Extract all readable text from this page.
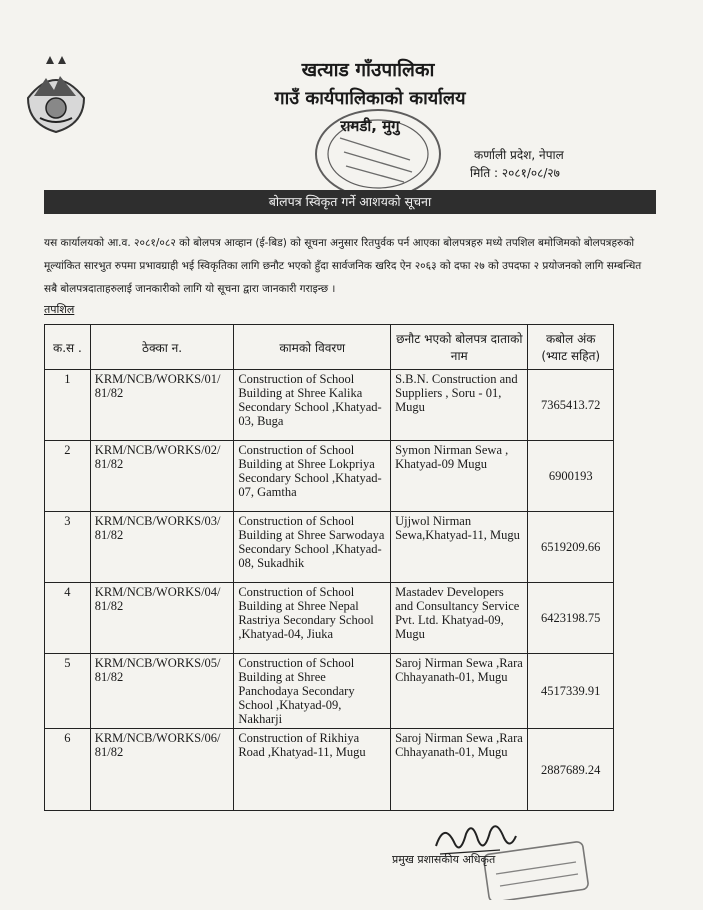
खत्याड गाँउपालिका
गाउँ कार्यपालिकाको कार्यालय
रामडी, मुगु
कर्णाली प्रदेश, नेपाल
मिति : २०८१/०८/२७
बोलपत्र स्विकृत गर्ने आशयको सूचना
यस कार्यालयको आ.व. २०८१/०८२ को बोलपत्र आव्हान (ई-बिड) को सूचना अनुसार रितपुर्वक पर्न आएका बोलपत्रहरु मध्ये तपशिल बमोजिमको बोलपत्रहरुको मूल्यांकित सारभुत रुपमा प्रभावग्राही भई स्विकृतिका लागि छनौट भएको हुँदा सार्वजनिक खरिद ऐन २०६३ को दफा २७ को उपदफा २ प्रयोजनको लागि सम्बन्धित सबै बोलपत्रदाताहरुलाई जानकारीको लागि यो सूचना द्वारा जानकारी गराइन्छ ।
तपशिल
क.स .	ठेक्का न.	कामको विवरण	छनौट भएको बोलपत्र दाताको नाम	कबोल अंक (भ्याट सहित)
1	KRM/NCB/WORKS/01/ 81/82	Construction of School Building at Shree Kalika Secondary School ,Khatyad-03, Buga	S.B.N. Construction and Suppliers , Soru - 01, Mugu	7365413.72
2	KRM/NCB/WORKS/02/ 81/82	Construction of School Building at Shree Lokpriya Secondary School ,Khatyad-07, Gamtha	Symon Nirman Sewa , Khatyad-09 Mugu	6900193
3	KRM/NCB/WORKS/03/ 81/82	Construction of School Building at Shree Sarwodaya Secondary School ,Khatyad-08, Sukadhik	Ujjwol Nirman Sewa,Khatyad-11, Mugu	6519209.66
4	KRM/NCB/WORKS/04/ 81/82	Construction of School Building at Shree Nepal Rastriya Secondary School ,Khatyad-04, Jiuka	Mastadev Developers and Consultancy Service Pvt. Ltd. Khatyad-09, Mugu	6423198.75
5	KRM/NCB/WORKS/05/ 81/82	Construction of School Building at Shree Panchodaya Secondary School ,Khatyad-09, Nakharji	Saroj Nirman Sewa ,Rara Chhayanath-01, Mugu	4517339.91
6	KRM/NCB/WORKS/06/ 81/82	Construction of Rikhiya Road ,Khatyad-11, Mugu	Saroj Nirman Sewa ,Rara Chhayanath-01, Mugu	2887689.24
प्रमुख प्रशासकीय अधिकृत
